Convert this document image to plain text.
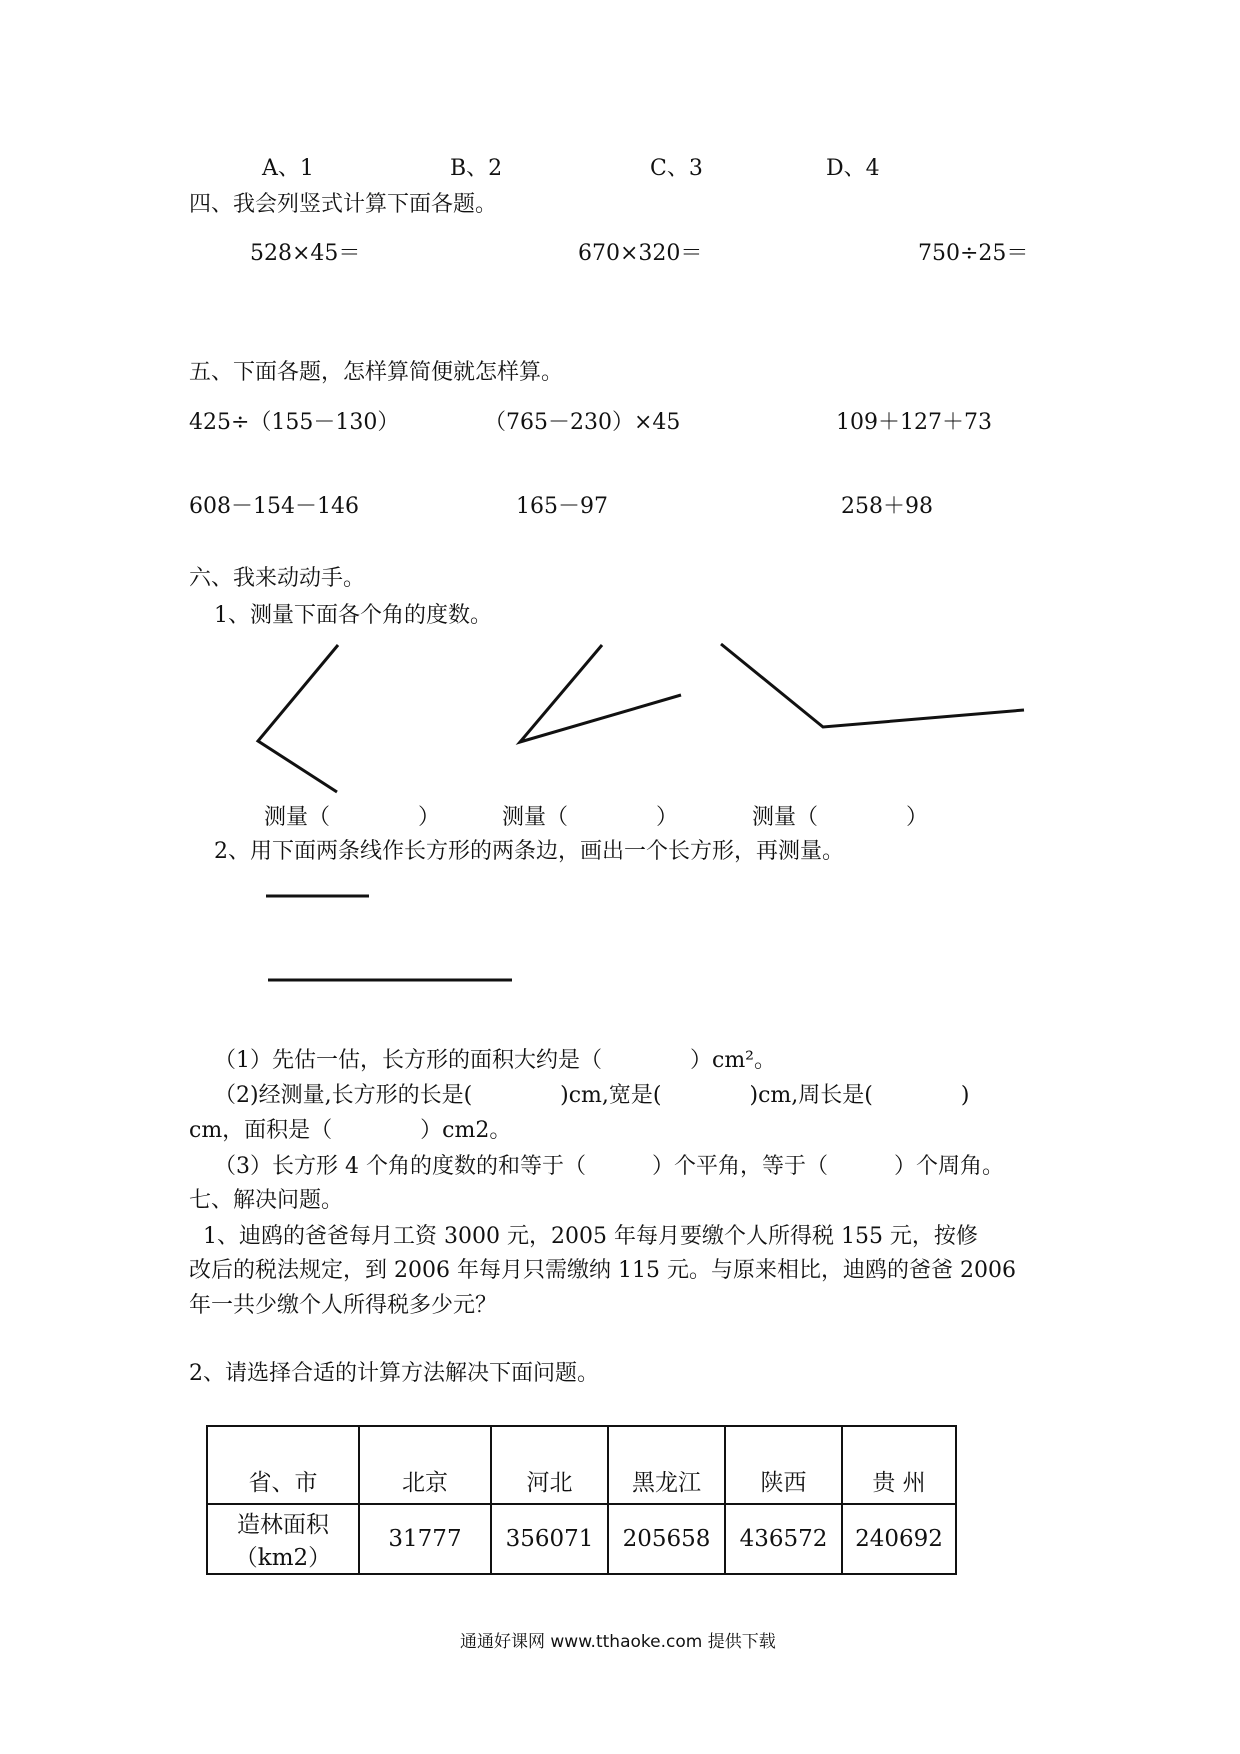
A、1	B、2	C、3	D、4
四、我会列竖式计算下面各题。
528×45＝	670×320＝	750÷25＝
五、下面各题，怎样算简便就怎样算。
425÷（155－130）	（765－230）×45	109＋127＋73
608－154－146	165－97	258＋98
六、我来动动手。
1、测量下面各个角的度数。
测量（　　　　）	测量（　　　　）	测量（　　　　）
2、用下面两条线作长方形的两条边，画出一个长方形，再测量。
（1）先估一估，长方形的面积大约是（　　　　）cm²。
（2)经测量,长方形的长是(　　　　)cm,宽是(　　　　)cm,周长是(　　　　)
cm，面积是（　　　　）cm2。
（3）长方形 4 个角的度数的和等于（　　　）个平角，等于（　　　）个周角。
七、解决问题。
1、迪鸥的爸爸每月工资 3000 元，2005 年每月要缴个人所得税 155 元，按修
改后的税法规定，到 2006 年每月只需缴纳 115 元。与原来相比，迪鸥的爸爸 2006
年一共少缴个人所得税多少元？
2、请选择合适的计算方法解决下面问题。
省、市	北京	河北	黑龙江	陕西	贵 州

造林面积
（km2）	31777	356071	205658	436572	240692
通通好课网 www.tthaoke.com 提供下载
